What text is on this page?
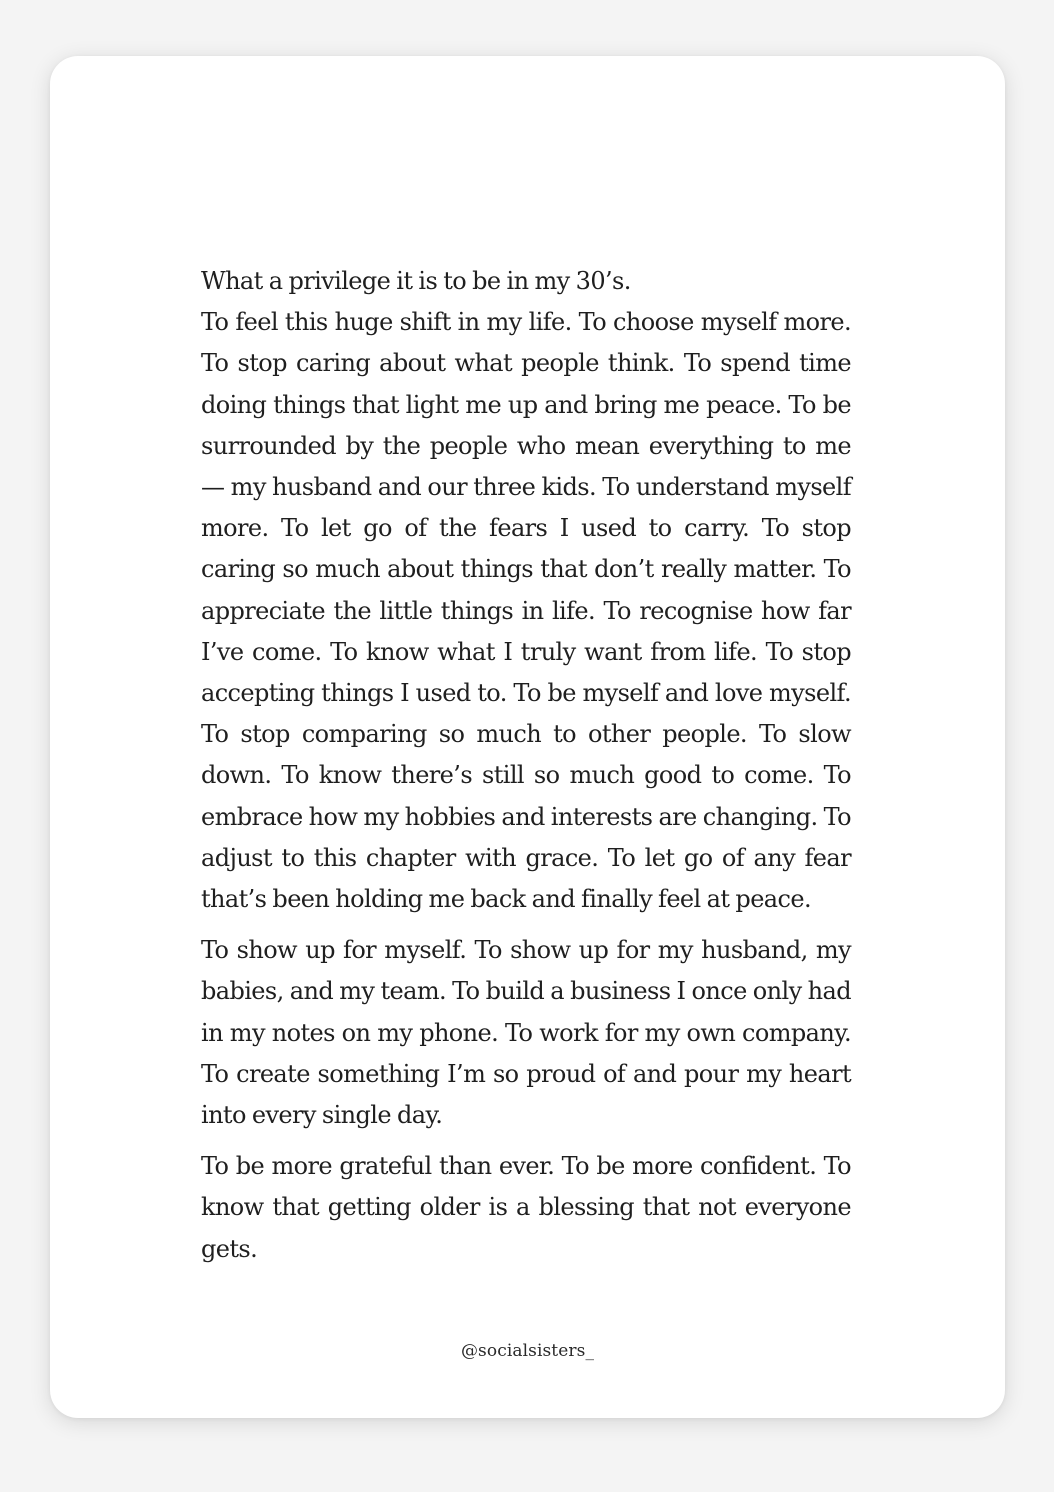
What a privilege it is to be in my 30’s.

To feel this huge shift in my life. To choose myself more. To stop caring about what people think. To spend time doing things that light me up and bring me peace. To be surrounded by the people who mean everything to me — my husband and our three kids. To understand myself more. To let go of the fears I used to carry. To stop caring so much about things that don’t really matter. To appreciate the little things in life. To recognise how far I’ve come. To know what I truly want from life. To stop accepting things I used to. To be myself and love myself. To stop comparing so much to other people. To slow down. To know there’s still so much good to come. To embrace how my hobbies and interests are changing. To adjust to this chapter with grace. To let go of any fear that’s been holding me back and finally feel at peace.

To show up for myself. To show up for my husband, my babies, and my team. To build a business I once only had in my notes on my phone. To work for my own company. To create something I’m so proud of and pour my heart into every single day.

To be more grateful than ever. To be more confident. To know that getting older is a blessing that not everyone gets.

@socialsisters_
